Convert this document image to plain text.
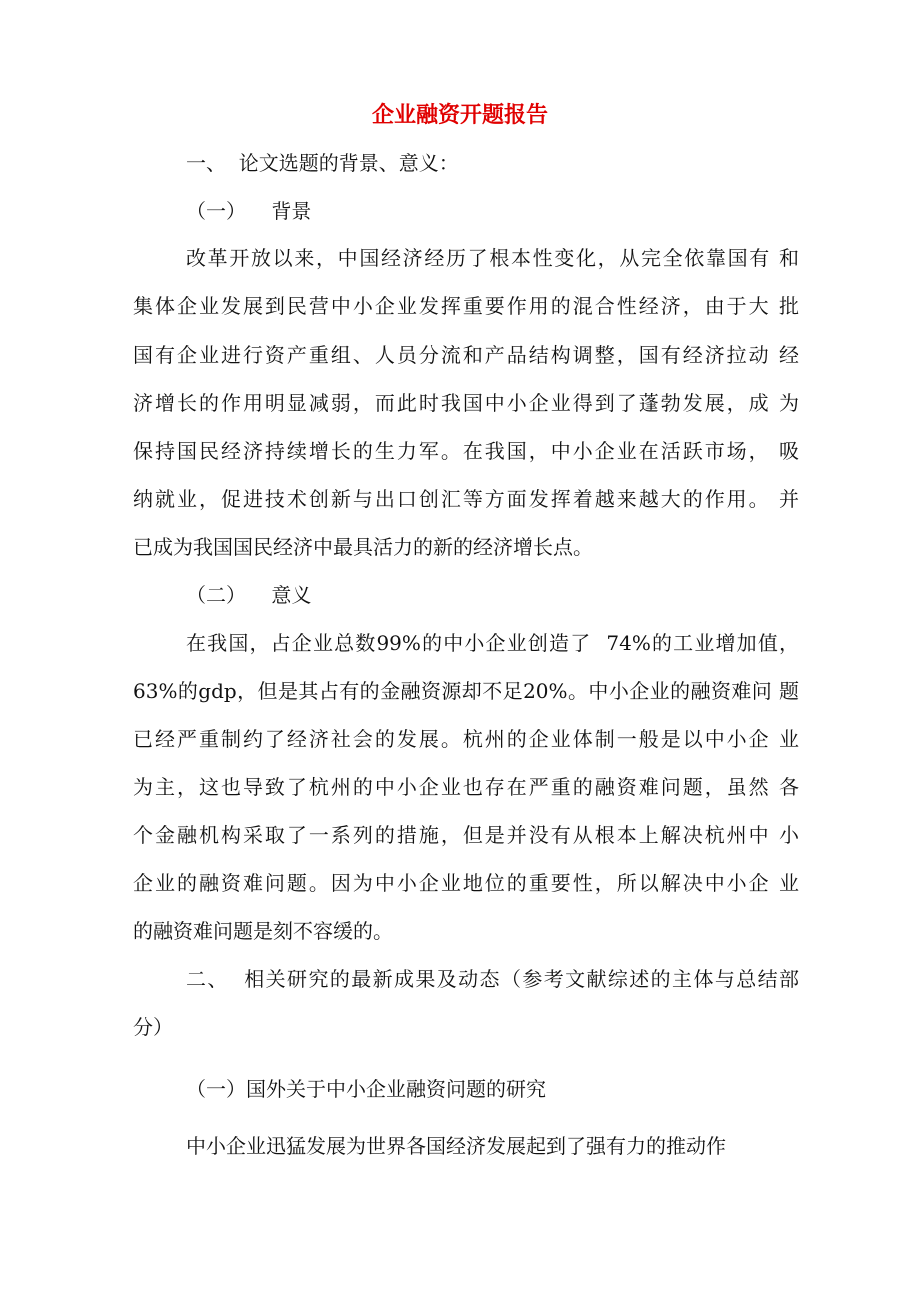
企业融资开题报告

一、  论文选题的背景、意义：

（一）    背景

改革开放以来，中国经济经历了根本性变化，从完全依靠国有 和

集体企业发展到民营中小企业发挥重要作用的混合性经济，由于大 批

国有企业进行资产重组、人员分流和产品结构调整，国有经济拉动 经

济增长的作用明显减弱，而此时我国中小企业得到了蓬勃发展，成 为

保持国民经济持续增长的生力军。在我国，中小企业在活跃市场， 吸

纳就业，促进技术创新与出口创汇等方面发挥着越来越大的作用。 并

已成为我国国民经济中最具活力的新的经济增长点。

（二）    意义

在我国，占企业总数99%的中小企业创造了  74%的工业增加值，

63%的gdp，但是其占有的金融资源却不足20%。中小企业的融资难问 题

已经严重制约了经济社会的发展。杭州的企业体制一般是以中小企 业

为主，这也导致了杭州的中小企业也存在严重的融资难问题，虽然 各

个金融机构采取了一系列的措施，但是并没有从根本上解决杭州中 小

企业的融资难问题。因为中小企业地位的重要性，所以解决中小企 业

的融资难问题是刻不容缓的。

二、  相关研究的最新成果及动态（参考文献综述的主体与总结部

分）

（一）国外关于中小企业融资问题的研究

中小企业迅猛发展为世界各国经济发展起到了强有力的推动作
